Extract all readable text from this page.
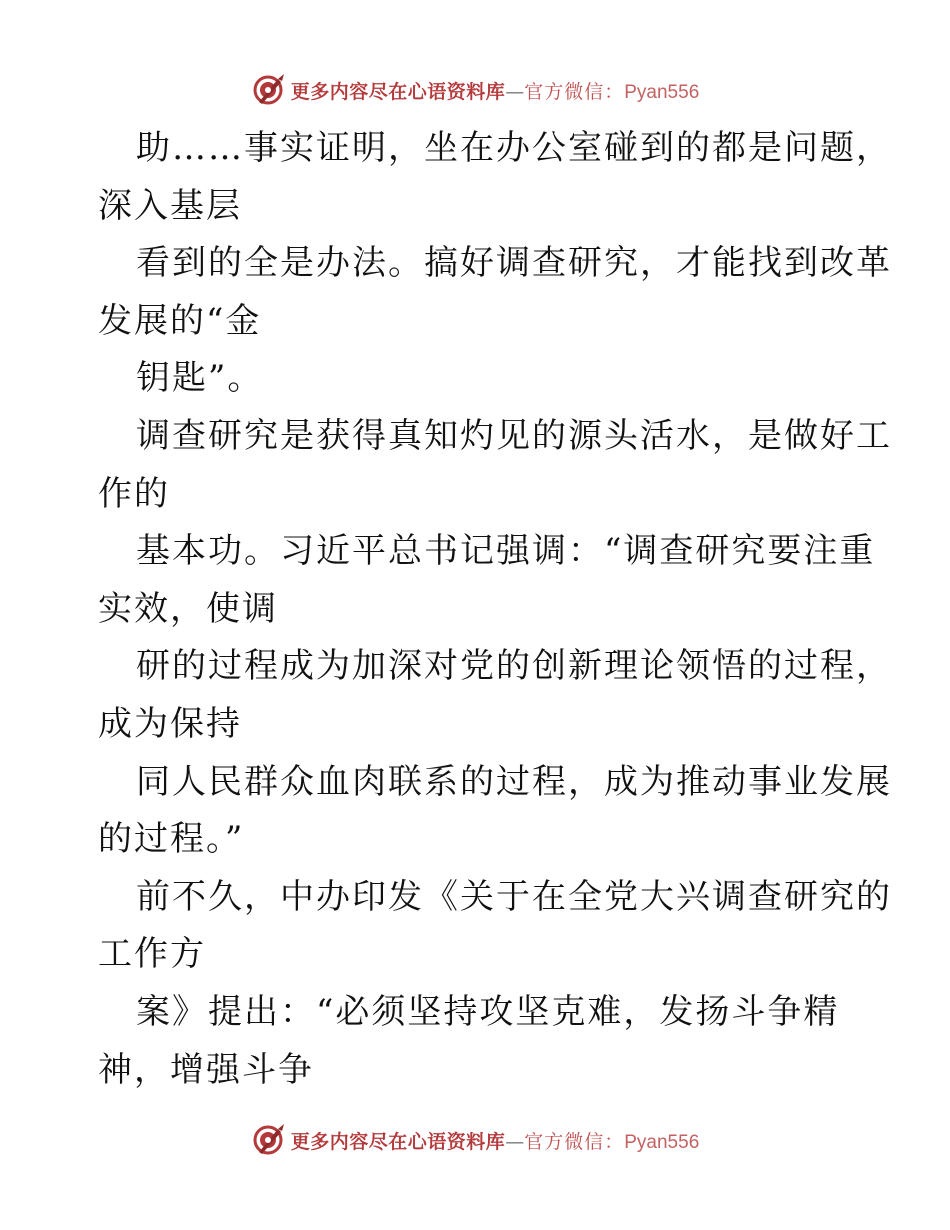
更多内容尽在心语资料库 — 官方微信： Pyan556
助……事实证明，坐在办公室碰到的都是问题，
深入基层
看到的全是办法。搞好调查研究，才能找到改革
发展的“金
钥匙”。
调查研究是获得真知灼见的源头活水，是做好工
作的
基本功。习近平总书记强调：“调查研究要注重
实效，使调
研的过程成为加深对党的创新理论领悟的过程，
成为保持
同人民群众血肉联系的过程，成为推动事业发展
的过程。”
前不久，中办印发《关于在全党大兴调查研究的
工作方
案》提出：“必须坚持攻坚克难，发扬斗争精
神，增强斗争
更多内容尽在心语资料库 — 官方微信： Pyan556
